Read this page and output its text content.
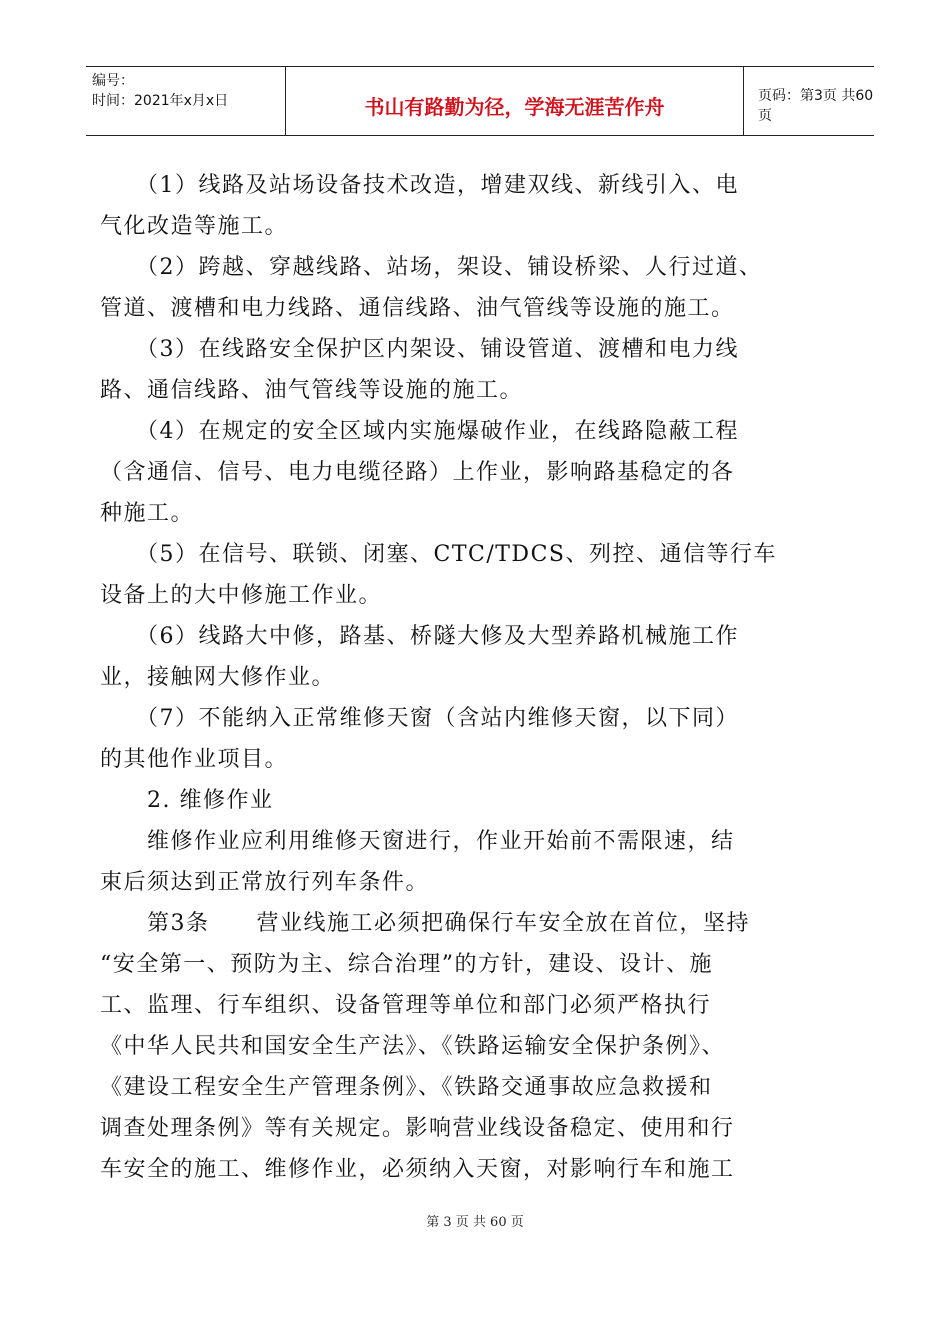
编号：
时间：2021年x月x日	书山有路勤为径，学海无涯苦作舟	页码：第3页 共60页

　　（1）线路及站场设备技术改造，增建双线、新线引入、电
气化改造等施工。

　　（2）跨越、穿越线路、站场，架设、铺设桥梁、人行过道、
管道、渡槽和电力线路、通信线路、油气管线等设施的施工。

　　（3）在线路安全保护区内架设、铺设管道、渡槽和电力线
路、通信线路、油气管线等设施的施工。

　　（4）在规定的安全区域内实施爆破作业，在线路隐蔽工程
（含通信、信号、电力电缆径路）上作业，影响路基稳定的各
种施工。

　　（5）在信号、联锁、闭塞、CTC/TDCS、列控、通信等行车
设备上的大中修施工作业。

　　（6）线路大中修，路基、桥隧大修及大型养路机械施工作
业，接触网大修作业。

　　（7）不能纳入正常维修天窗（含站内维修天窗，以下同）
的其他作业项目。

　　2. 维修作业

　　维修作业应利用维修天窗进行，作业开始前不需限速，结
束后须达到正常放行列车条件。

　　第3条　　营业线施工必须把确保行车安全放在首位，坚持
“安全第一、预防为主、综合治理”的方针，建设、设计、施
工、监理、行车组织、设备管理等单位和部门必须严格执行
《中华人民共和国安全生产法》、《铁路运输安全保护条例》、
《建设工程安全生产管理条例》、《铁路交通事故应急救援和
调查处理条例》等有关规定。影响营业线设备稳定、使用和行
车安全的施工、维修作业，必须纳入天窗，对影响行车和施工

第 3 页 共 60 页
